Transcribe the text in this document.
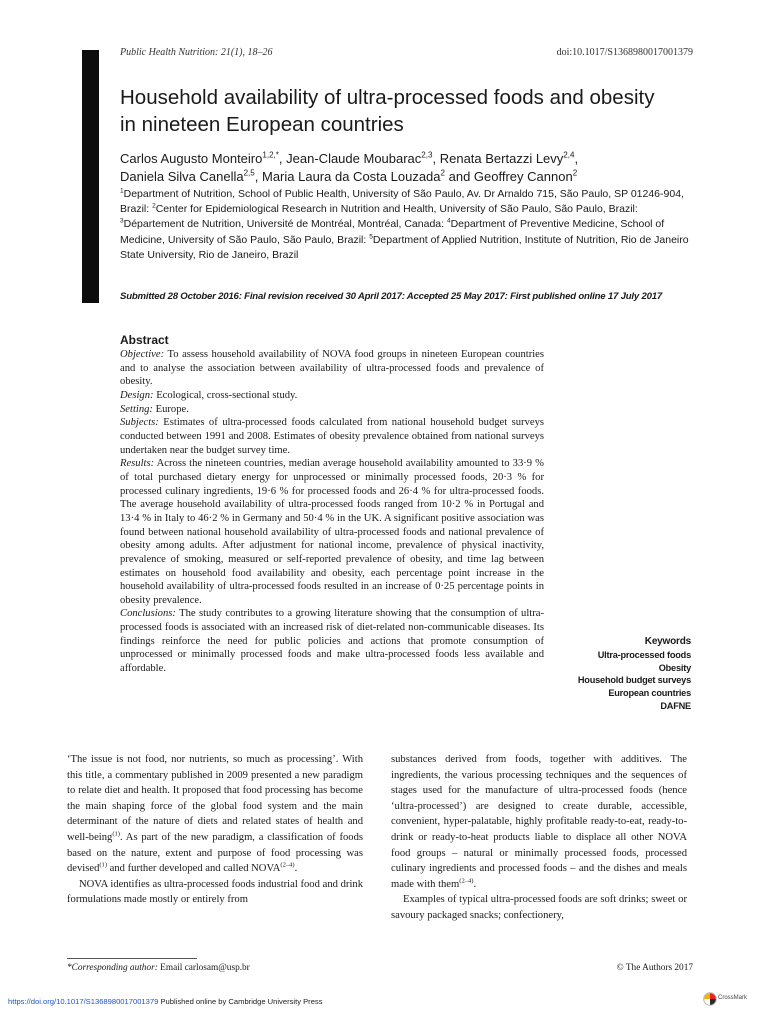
Public Health Nutrition: 21(1), 18–26	doi:10.1017/S1368980017001379
Household availability of ultra-processed foods and obesity
in nineteen European countries
Carlos Augusto Monteiro$^{1,2,*}$, Jean-Claude Moubarac$^{2,3}$, Renata Bertazzi Levy$^{2,4}$,
Daniela Silva Canella$^{2,5}$, Maria Laura da Costa Louzada$^2$ and Geoffrey Cannon$^2$
$^1$Department of Nutrition, School of Public Health, University of São Paulo, Av. Dr Arnaldo 715, São Paulo, SP 01246-904, Brazil: $^2$Center for Epidemiological Research in Nutrition and Health, University of São Paulo, São Paulo, Brazil: $^3$Département de Nutrition, Université de Montréal, Montréal, Canada: $^4$Department of Preventive Medicine, School of Medicine, University of São Paulo, São Paulo, Brazil: $^5$Department of Applied Nutrition, Institute of Nutrition, Rio de Janeiro State University, Rio de Janeiro, Brazil
Submitted 28 October 2016: Final revision received 30 April 2017: Accepted 25 May 2017: First published online 17 July 2017
Abstract

Objective: To assess household availability of NOVA food groups in nineteen European countries and to analyse the association between availability of ultra-processed foods and prevalence of obesity.

Design: Ecological, cross-sectional study.

Setting: Europe.

Subjects: Estimates of ultra-processed foods calculated from national household budget surveys conducted between 1991 and 2008. Estimates of obesity prevalence obtained from national surveys undertaken near the budget survey time.

Results: Across the nineteen countries, median average household availability amounted to 33·9 % of total purchased dietary energy for unprocessed or minimally processed foods, 20·3 % for processed culinary ingredients, 19·6 % for processed foods and 26·4 % for ultra-processed foods. The average household availability of ultra-processed foods ranged from 10·2 % in Portugal and 13·4 % in Italy to 46·2 % in Germany and 50·4 % in the UK. A significant positive association was found between national household availability of ultra-processed foods and national prevalence of obesity among adults. After adjustment for national income, prevalence of physical inactivity, prevalence of smoking, measured or self-reported prevalence of obesity, and time lag between estimates on household food availability and obesity, each percentage point increase in the household availability of ultra-processed foods resulted in an increase of 0·25 percentage points in obesity prevalence.

Conclusions: The study contributes to a growing literature showing that the consumption of ultra-processed foods is associated with an increased risk of diet-related non-communicable diseases. Its findings reinforce the need for public policies and actions that promote consumption of unprocessed or minimally processed foods and make ultra-processed foods less available and affordable.

Keywords
Ultra-processed foods
Obesity
Household budget surveys
European countries
DAFNE

‘The issue is not food, nor nutrients, so much as processing’. With this title, a commentary published in 2009 presented a new paradigm to relate diet and health. It proposed that food processing has become the main shaping force of the global food system and the main determinant of the nature of diets and related states of health and well-being$^{(1)}$. As part of the new paradigm, a classification of foods based on the nature, extent and purpose of food processing was devised$^{(1)}$ and further developed and called NOVA$^{(2-4)}$.

NOVA identifies as ultra-processed foods industrial food and drink formulations made mostly or entirely from

substances derived from foods, together with additives. The ingredients, the various processing techniques and the sequences of stages used for the manufacture of ultra-processed foods (hence ‘ultra-processed’) are designed to create durable, accessible, convenient, hyper-palatable, highly profitable ready-to-eat, ready-to-drink or ready-to-heat products liable to displace all other NOVA food groups – natural or minimally processed foods, processed culinary ingredients and processed foods – and the dishes and meals made with them$^{(2-4)}$.

Examples of typical ultra-processed foods are soft drinks; sweet or savoury packaged snacks; confectionery,

*Corresponding author: Email carlosam@usp.br	© The Authors 2017
https://doi.org/10.1017/S1368980017001379 Published online by Cambridge University Press	CrossMark
